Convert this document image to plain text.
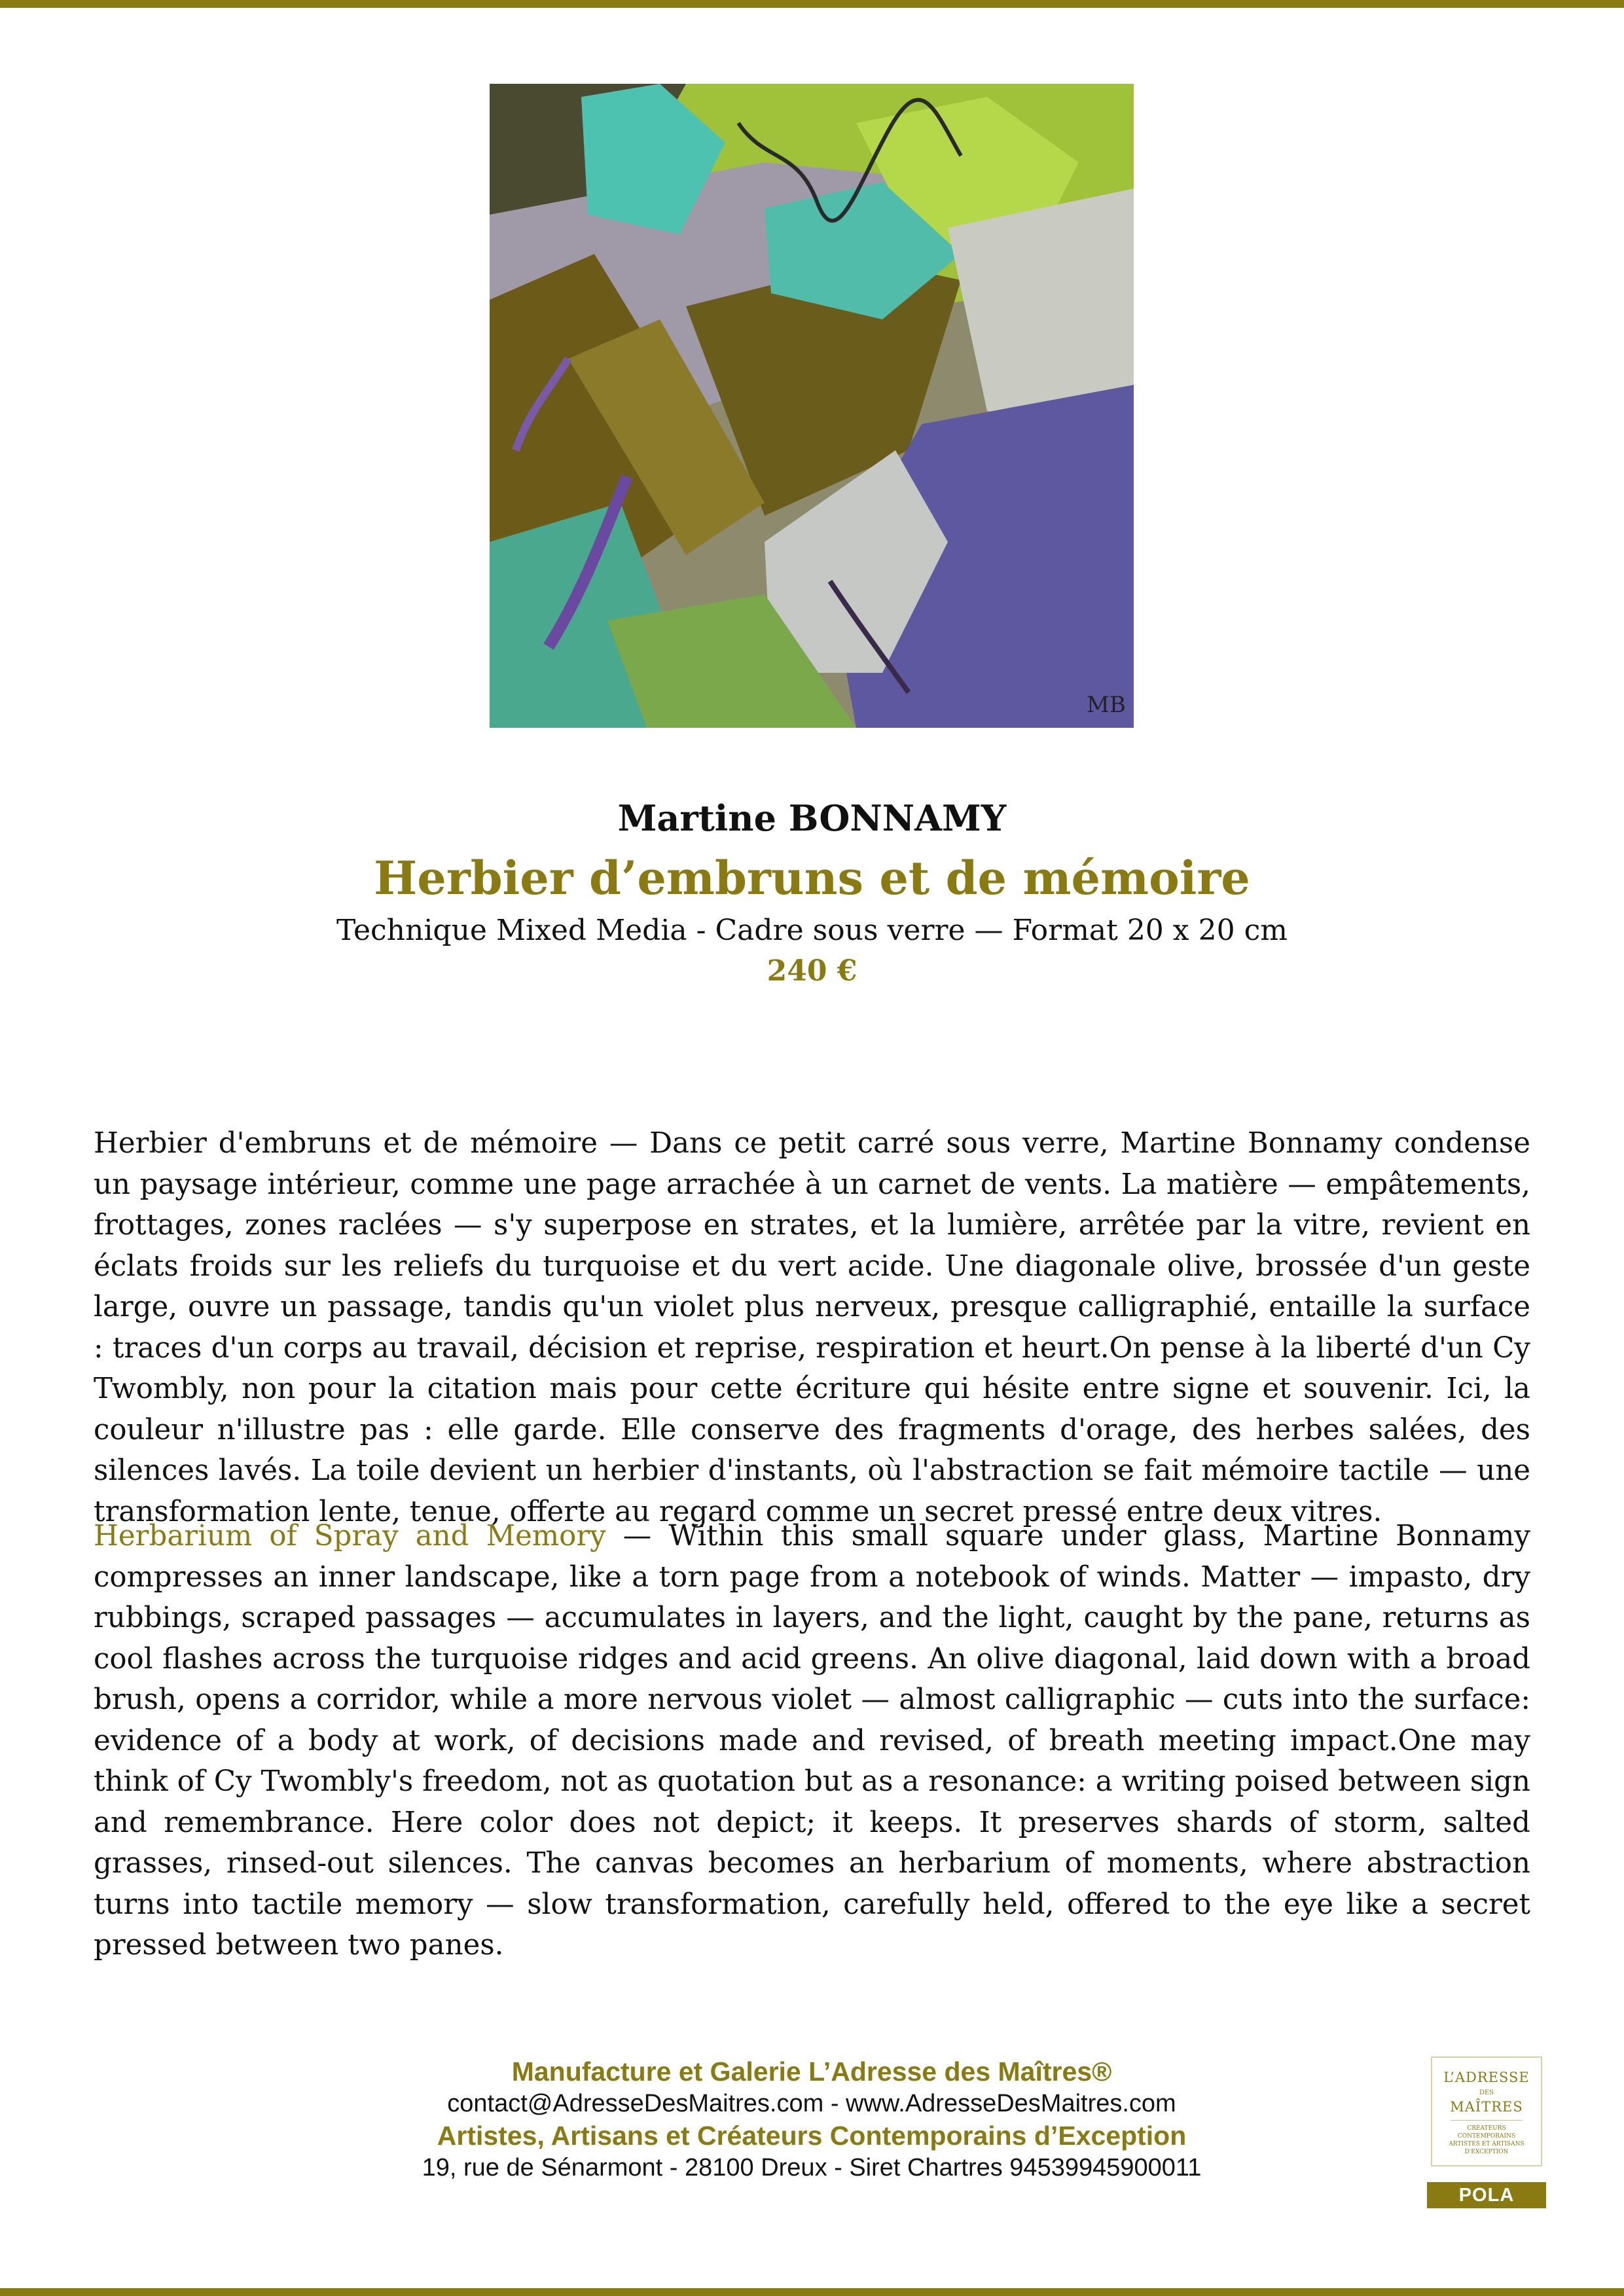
MB
Martine BONNAMY
Herbier d’embruns et de mémoire
Technique Mixed Media - Cadre sous verre — Format 20 x 20 cm
240 €
Herbier d'embruns et de mémoire — Dans ce petit carré sous verre, Martine Bonnamy condense un paysage intérieur, comme une page arrachée à un carnet de vents. La matière — empâtements, frottages, zones raclées — s'y superpose en strates, et la lumière, arrêtée par la vitre, revient en éclats froids sur les reliefs du turquoise et du vert acide. Une diagonale olive, brossée d'un geste large, ouvre un passage, tandis qu'un violet plus nerveux, presque calligraphié, entaille la surface : traces d'un corps au travail, décision et reprise, respiration et heurt.On pense à la liberté d'un Cy Twombly, non pour la citation mais pour cette écriture qui hésite entre signe et souvenir. Ici, la couleur n'illustre pas : elle garde. Elle conserve des fragments d'orage, des herbes salées, des silences lavés. La toile devient un herbier d'instants, où l'abstraction se fait mémoire tactile — une transformation lente, tenue, offerte au regard comme un secret pressé entre deux vitres.
Herbarium of Spray and Memory — Within this small square under glass, Martine Bonnamy compresses an inner landscape, like a torn page from a notebook of winds. Matter — impasto, dry rubbings, scraped passages — accumulates in layers, and the light, caught by the pane, returns as cool flashes across the turquoise ridges and acid greens. An olive diagonal, laid down with a broad brush, opens a corridor, while a more nervous violet — almost calligraphic — cuts into the surface: evidence of a body at work, of decisions made and revised, of breath meeting impact.One may think of Cy Twombly's freedom, not as quotation but as a resonance: a writing poised between sign and remembrance. Here color does not depict; it keeps. It preserves shards of storm, salted grasses, rinsed-out silences. The canvas becomes an herbarium of moments, where abstraction turns into tactile memory — slow transformation, carefully held, offered to the eye like a secret pressed between two panes.
Manufacture et Galerie L’Adresse des Maîtres®
contact@AdresseDesMaitres.com - www.AdresseDesMaitres.com
Artistes, Artisans et Créateurs Contemporains d’Exception
19, rue de Sénarmont - 28100 Dreux - Siret Chartres 94539945900011
L’ADRESSE
DES
MAÎTRES
CRÉATEURS CONTEMPORAINS ARTISTES ET ARTISANS D'EXCEPTION
POLA
